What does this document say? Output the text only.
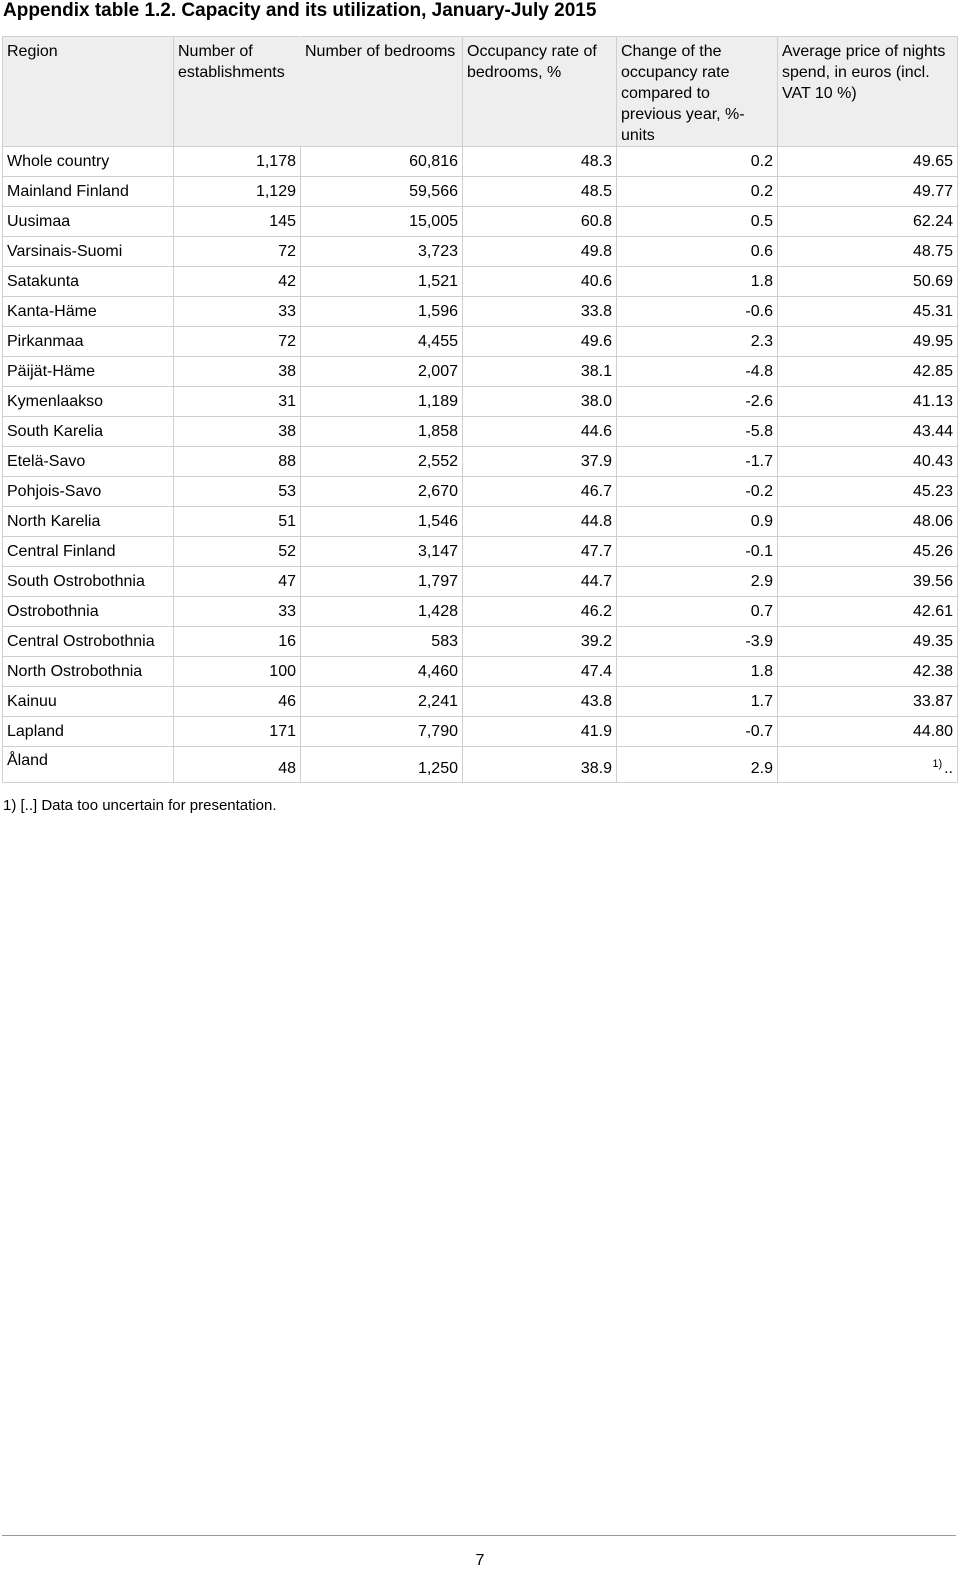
Appendix table 1.2. Capacity and its utilization, January-July 2015
Region	Number of establishments	Number of bedrooms	Occupancy rate of bedrooms, %	Change of the occupancy rate compared to previous year, %-units	Average price of nights spend, in euros (incl. VAT 10 %)
Whole country	1,178	60,816	48.3	0.2	49.65
Mainland Finland	1,129	59,566	48.5	0.2	49.77
Uusimaa	145	15,005	60.8	0.5	62.24
Varsinais-Suomi	72	3,723	49.8	0.6	48.75
Satakunta	42	1,521	40.6	1.8	50.69
Kanta-Häme	33	1,596	33.8	-0.6	45.31
Pirkanmaa	72	4,455	49.6	2.3	49.95
Päijät-Häme	38	2,007	38.1	-4.8	42.85
Kymenlaakso	31	1,189	38.0	-2.6	41.13
South Karelia	38	1,858	44.6	-5.8	43.44
Etelä-Savo	88	2,552	37.9	-1.7	40.43
Pohjois-Savo	53	2,670	46.7	-0.2	45.23
North Karelia	51	1,546	44.8	0.9	48.06
Central Finland	52	3,147	47.7	-0.1	45.26
South Ostrobothnia	47	1,797	44.7	2.9	39.56
Ostrobothnia	33	1,428	46.2	0.7	42.61
Central Ostrobothnia	16	583	39.2	-3.9	49.35
North Ostrobothnia	100	4,460	47.4	1.8	42.38
Kainuu	46	2,241	43.8	1.7	33.87
Lapland	171	7,790	41.9	-0.7	44.80
Åland	48	1,250	38.9	2.9	$^{1)}$ ..
1) [..] Data too uncertain for presentation.
7
